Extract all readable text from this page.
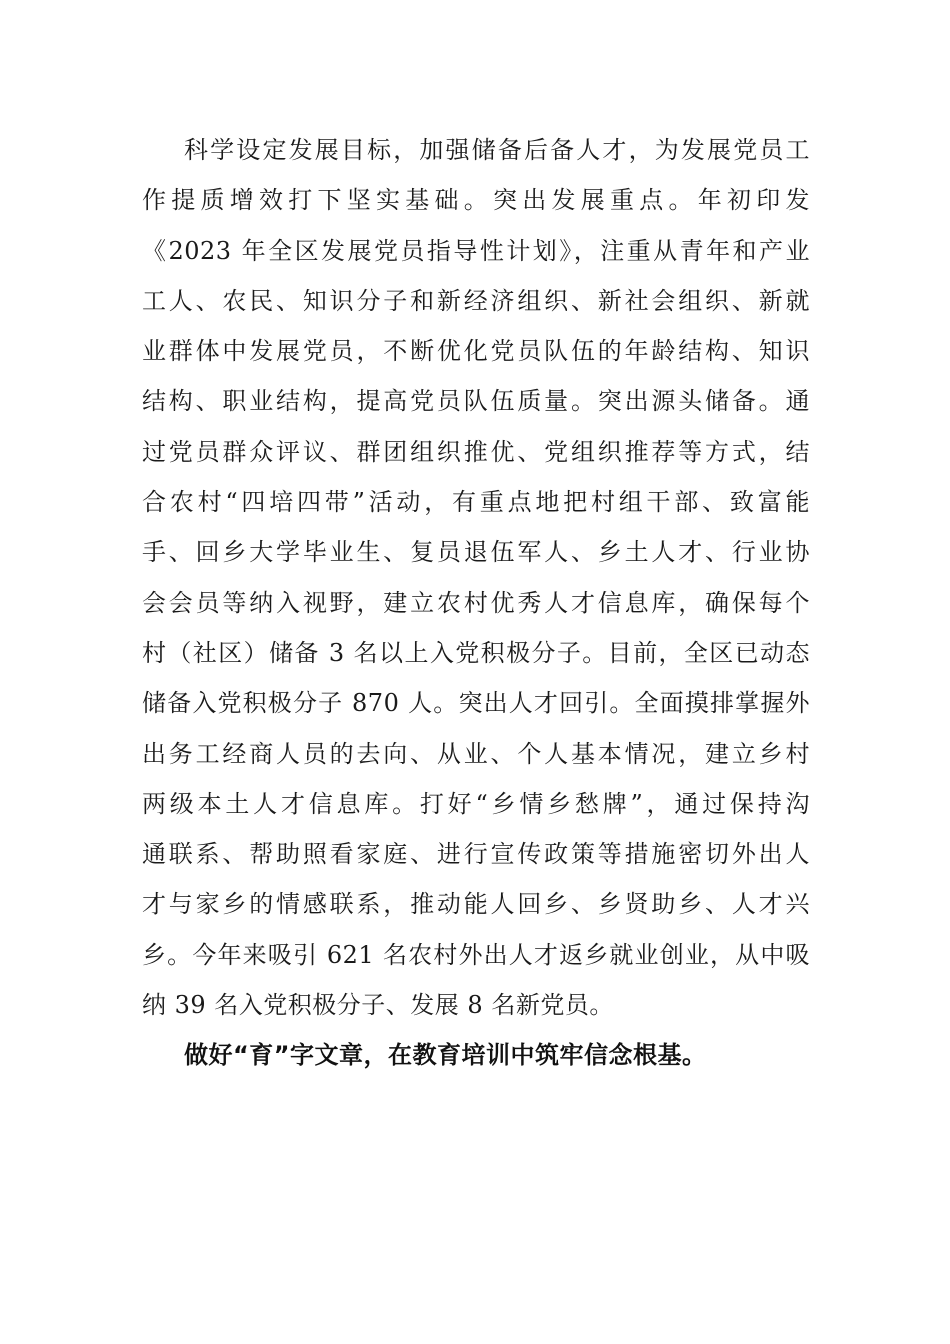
科学设定发展目标，加强储备后备人才，为发展党员工
作提质增效打下坚实基础。突出发展重点。年初印发
《2023 年全区发展党员指导性计划》，注重从青年和产业
工人、农民、知识分子和新经济组织、新社会组织、新就
业群体中发展党员，不断优化党员队伍的年龄结构、知识
结构、职业结构，提高党员队伍质量。突出源头储备。通
过党员群众评议、群团组织推优、党组织推荐等方式，结
合农村“四培四带”活动，有重点地把村组干部、致富能
手、回乡大学毕业生、复员退伍军人、乡土人才、行业协
会会员等纳入视野，建立农村优秀人才信息库，确保每个
村（社区）储备 3 名以上入党积极分子。目前，全区已动态
储备入党积极分子 870 人。突出人才回引。全面摸排掌握外
出务工经商人员的去向、从业、个人基本情况，建立乡村
两级本土人才信息库。打好“乡情乡愁牌”，通过保持沟
通联系、帮助照看家庭、进行宣传政策等措施密切外出人
才与家乡的情感联系，推动能人回乡、乡贤助乡、人才兴
乡。今年来吸引 621 名农村外出人才返乡就业创业，从中吸
纳 39 名入党积极分子、发展 8 名新党员。
做好“育”字文章，在教育培训中筑牢信念根基。
